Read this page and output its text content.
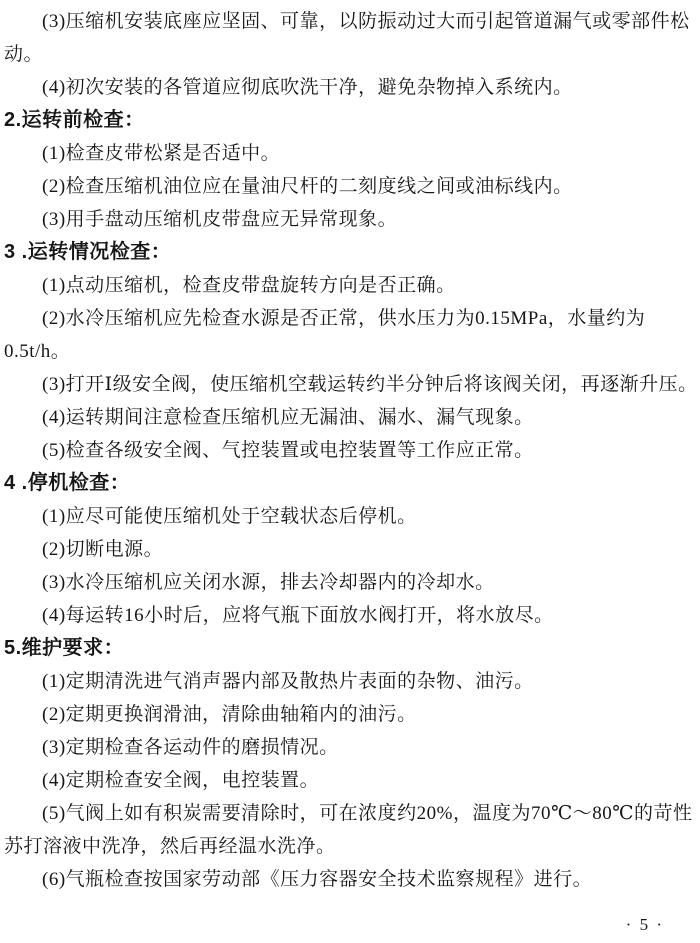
(3)压缩机安装底座应坚固、可靠，以防振动过大而引起管道漏气或零部件松动。

(4)初次安装的各管道应彻底吹洗干净，避免杂物掉入系统内。

2.运转前检查：

(1)检查皮带松紧是否适中。

(2)检查压缩机油位应在量油尺杆的二刻度线之间或油标线内。

(3)用手盘动压缩机皮带盘应无异常现象。

3 .运转情况检查：

(1)点动压缩机，检查皮带盘旋转方向是否正确。

(2)水冷压缩机应先检查水源是否正常，供水压力为0.15MPa，水量约为0.5t/h。

(3)打开Ⅰ级安全阀，使压缩机空载运转约半分钟后将该阀关闭，再逐渐升压。

(4)运转期间注意检查压缩机应无漏油、漏水、漏气现象。

(5)检查各级安全阀、气控装置或电控装置等工作应正常。

4 .停机检查：

(1)应尽可能使压缩机处于空载状态后停机。

(2)切断电源。

(3)水冷压缩机应关闭水源，排去冷却器内的冷却水。

(4)每运转16小时后，应将气瓶下面放水阀打开，将水放尽。

5.维护要求：

(1)定期清洗进气消声器内部及散热片表面的杂物、油污。

(2)定期更换润滑油，清除曲轴箱内的油污。

(3)定期检查各运动件的磨损情况。

(4)定期检查安全阀，电控装置。

(5)气阀上如有积炭需要清除时，可在浓度约20%，温度为70℃～80℃的苛性苏打溶液中洗净，然后再经温水洗净。

(6)气瓶检查按国家劳动部《压力容器安全技术监察规程》进行。

· 5 ·
